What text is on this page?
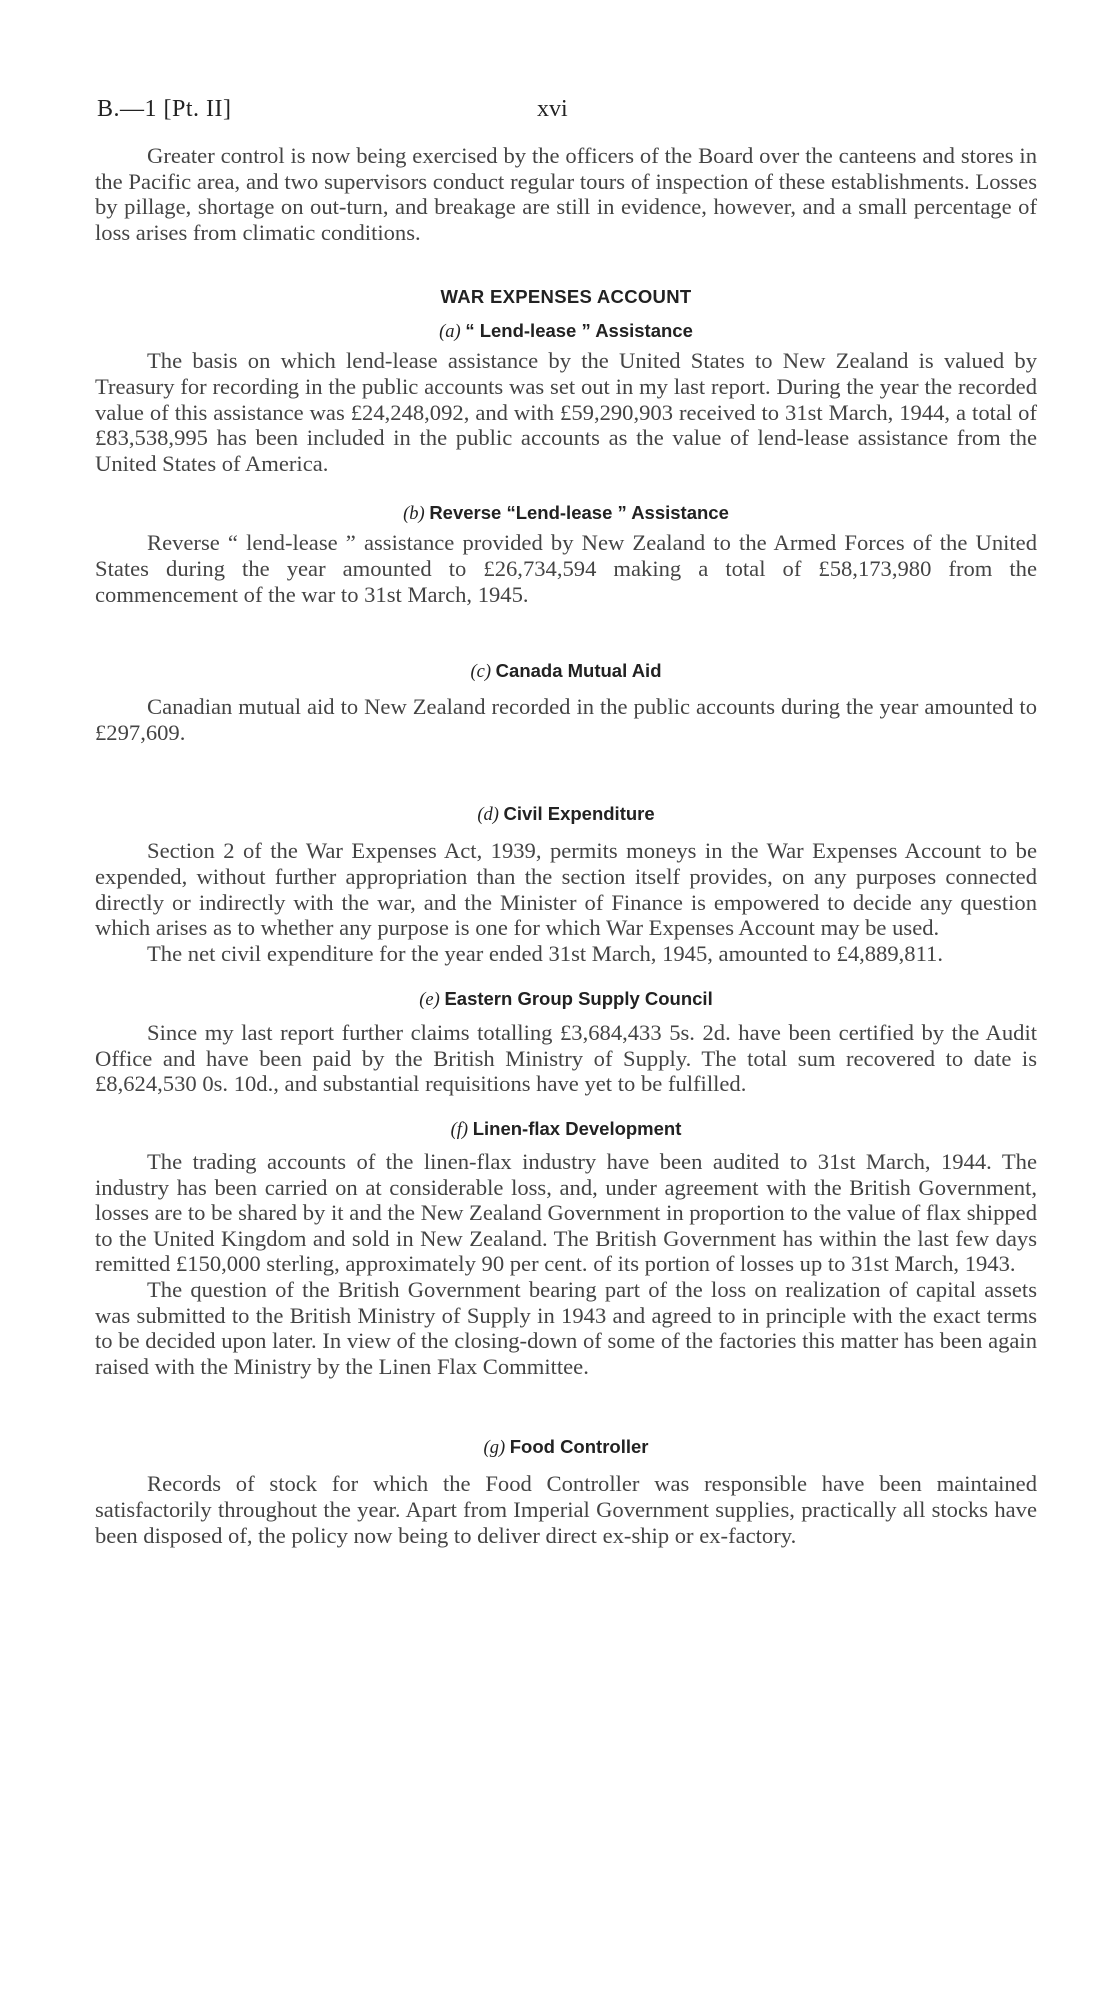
B.—1 [Pt. II]	xvi

Greater control is now being exercised by the officers of the Board over the canteens and stores in the Pacific area, and two supervisors conduct regular tours of inspection of these establishments. Losses by pillage, shortage on out-turn, and breakage are still in evidence, however, and a small percentage of loss arises from climatic conditions.

WAR EXPENSES ACCOUNT
(a) “ Lend-lease ” Assistance

The basis on which lend-lease assistance by the United States to New Zealand is valued by Treasury for recording in the public accounts was set out in my last report. During the year the recorded value of this assistance was £24,248,092, and with £59,290,903 received to 31st March, 1944, a total of £83,538,995 has been included in the public accounts as the value of lend-lease assistance from the United States of America.

(b) Reverse “Lend-lease ” Assistance

Reverse “ lend-lease ” assistance provided by New Zealand to the Armed Forces of the United States during the year amounted to £26,734,594 making a total of £58,173,980 from the commencement of the war to 31st March, 1945.

(c) Canada Mutual Aid

Canadian mutual aid to New Zealand recorded in the public accounts during the year amounted to £297,609.

(d) Civil Expenditure

Section 2 of the War Expenses Act, 1939, permits moneys in the War Expenses Account to be expended, without further appropriation than the section itself provides, on any purposes connected directly or indirectly with the war, and the Minister of Finance is empowered to decide any question which arises as to whether any purpose is one for which War Expenses Account may be used.

The net civil expenditure for the year ended 31st March, 1945, amounted to £4,889,811.

(e) Eastern Group Supply Council

Since my last report further claims totalling £3,684,433 5s. 2d. have been certified by the Audit Office and have been paid by the British Ministry of Supply. The total sum recovered to date is £8,624,530 0s. 10d., and substantial requisitions have yet to be fulfilled.

(f) Linen-flax Development

The trading accounts of the linen-flax industry have been audited to 31st March, 1944. The industry has been carried on at considerable loss, and, under agreement with the British Government, losses are to be shared by it and the New Zealand Government in proportion to the value of flax shipped to the United Kingdom and sold in New Zealand. The British Government has within the last few days remitted £150,000 sterling, approximately 90 per cent. of its portion of losses up to 31st March, 1943.

The question of the British Government bearing part of the loss on realization of capital assets was submitted to the British Ministry of Supply in 1943 and agreed to in principle with the exact terms to be decided upon later. In view of the closing-down of some of the factories this matter has been again raised with the Ministry by the Linen Flax Committee.

(g) Food Controller

Records of stock for which the Food Controller was responsible have been maintained satisfactorily throughout the year. Apart from Imperial Government supplies, practically all stocks have been disposed of, the policy now being to deliver direct ex-ship or ex-factory.
